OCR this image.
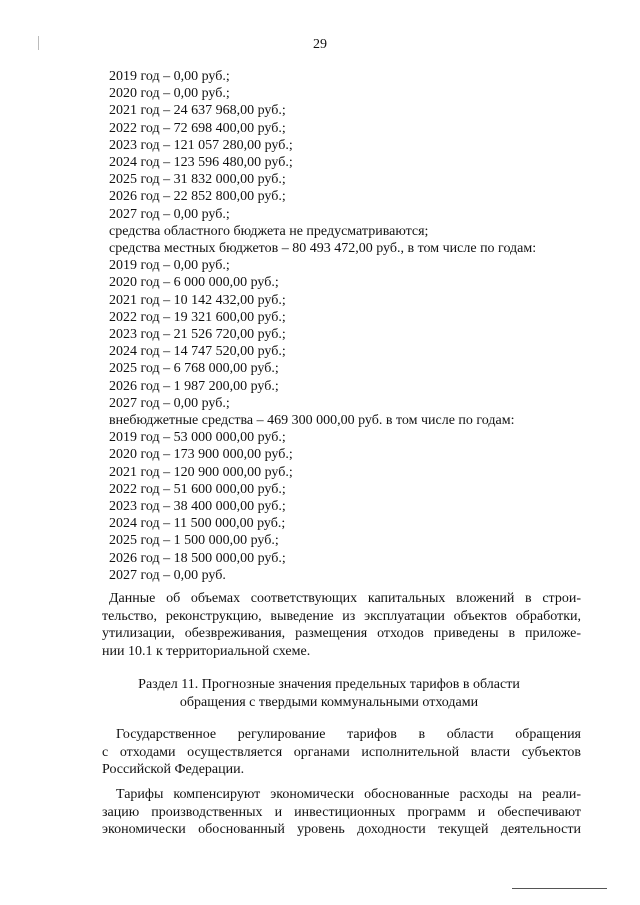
29
2019 год – 0,00 руб.;
2020 год – 0,00 руб.;
2021 год – 24 637 968,00 руб.;
2022 год – 72 698 400,00 руб.;
2023 год – 121 057 280,00 руб.;
2024 год – 123 596 480,00 руб.;
2025 год – 31 832 000,00 руб.;
2026 год – 22 852 800,00 руб.;
2027 год – 0,00 руб.;
средства областного бюджета не предусматриваются;
средства местных бюджетов – 80 493 472,00 руб., в том числе по годам:
2019 год – 0,00 руб.;
2020 год – 6 000 000,00 руб.;
2021 год – 10 142 432,00 руб.;
2022 год – 19 321 600,00 руб.;
2023 год – 21 526 720,00 руб.;
2024 год – 14 747 520,00 руб.;
2025 год – 6 768 000,00 руб.;
2026 год – 1 987 200,00 руб.;
2027 год – 0,00 руб.;
внебюджетные средства – 469 300 000,00 руб. в том числе по годам:
2019 год – 53 000 000,00 руб.;
2020 год – 173 900 000,00 руб.;
2021 год – 120 900 000,00 руб.;
2022 год – 51 600 000,00 руб.;
2023 год – 38 400 000,00 руб.;
2024 год – 11 500 000,00 руб.;
2025 год – 1 500 000,00 руб.;
2026 год – 18 500 000,00 руб.;
2027 год – 0,00 руб.
Данные об объемах соответствующих капитальных вложений в строи-
тельство, реконструкцию, выведение из эксплуатации объектов обработки,
утилизации, обезвреживания, размещения отходов приведены в приложе-
нии 10.1 к территориальной схеме.
Раздел 11. Прогнозные значения предельных тарифов в области
обращения с твердыми коммунальными отходами
Государственное регулирование тарифов в области обращения
с отходами осуществляется органами исполнительной власти субъектов
Российской Федерации.
Тарифы компенсируют экономически обоснованные расходы на реали-
зацию производственных и инвестиционных программ и обеспечивают
экономически обоснованный уровень доходности текущей деятельности
